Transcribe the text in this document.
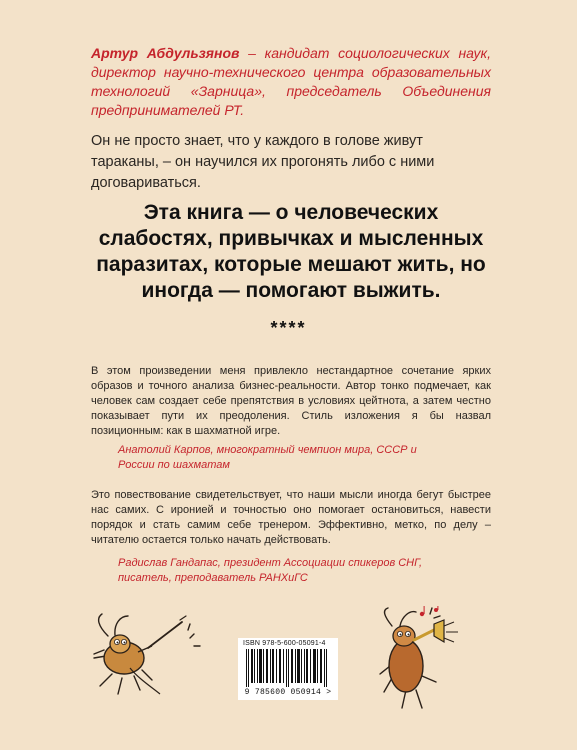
Артур Абдульзянов – кандидат социологических наук, директор научно-технического центра образовательных технологий «Зарница», председатель Объединения предпринимателей РТ.
Он не просто знает, что у каждого в голове живут тараканы, – он научился их прогонять либо с ними договариваться.
Эта книга — о человеческих слабостях, привычках и мысленных паразитах, которые мешают жить, но иногда — помогают выжить.
****
В этом произведении меня привлекло нестандартное сочетание ярких образов и точного анализа бизнес-реальности. Автор тонко подмечает, как человек сам создает себе препятствия в условиях цейтнота, а затем честно показывает пути их преодоления. Стиль изложения я бы назвал позиционным: как в шахматной игре.
Анатолий Карпов, многократный чемпион мира, СССР и России по шахматам
Это повествование свидетельствует, что наши мысли иногда бегут быстрее нас самих. С иронией и точностью оно помогает остановиться, навести порядок и стать самим себе тренером. Эффективно, метко, по делу – читателю остается только начать действовать.
Радислав Гандапас, президент Ассоциации спикеров СНГ, писатель, преподаватель РАНХиГС
ISBN 978-5-600-05091-4
9 785600 050914 >
